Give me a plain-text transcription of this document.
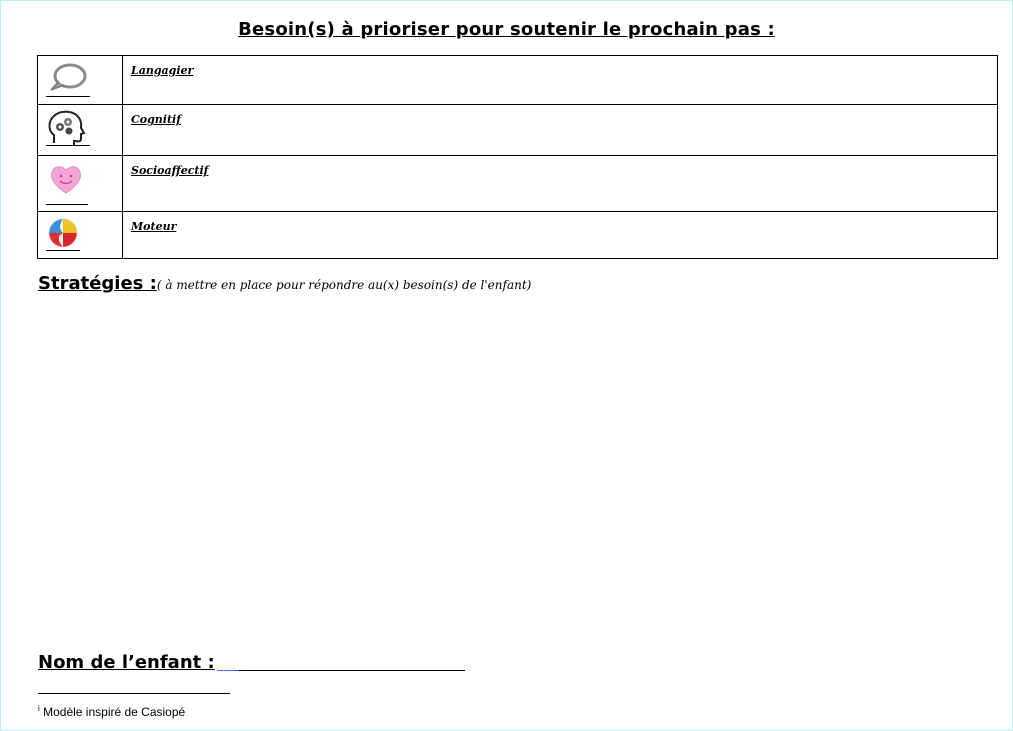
Besoin(s) à prioriser pour soutenir le prochain pas :
	Langagier

	Cognitif

	Socioaffectif

	Moteur
Stratégies :( à mettre en place pour répondre au(x) besoin(s) de l'enfant)
Nom de l’enfant :
$^i$ Modèle inspiré de Casiopé
